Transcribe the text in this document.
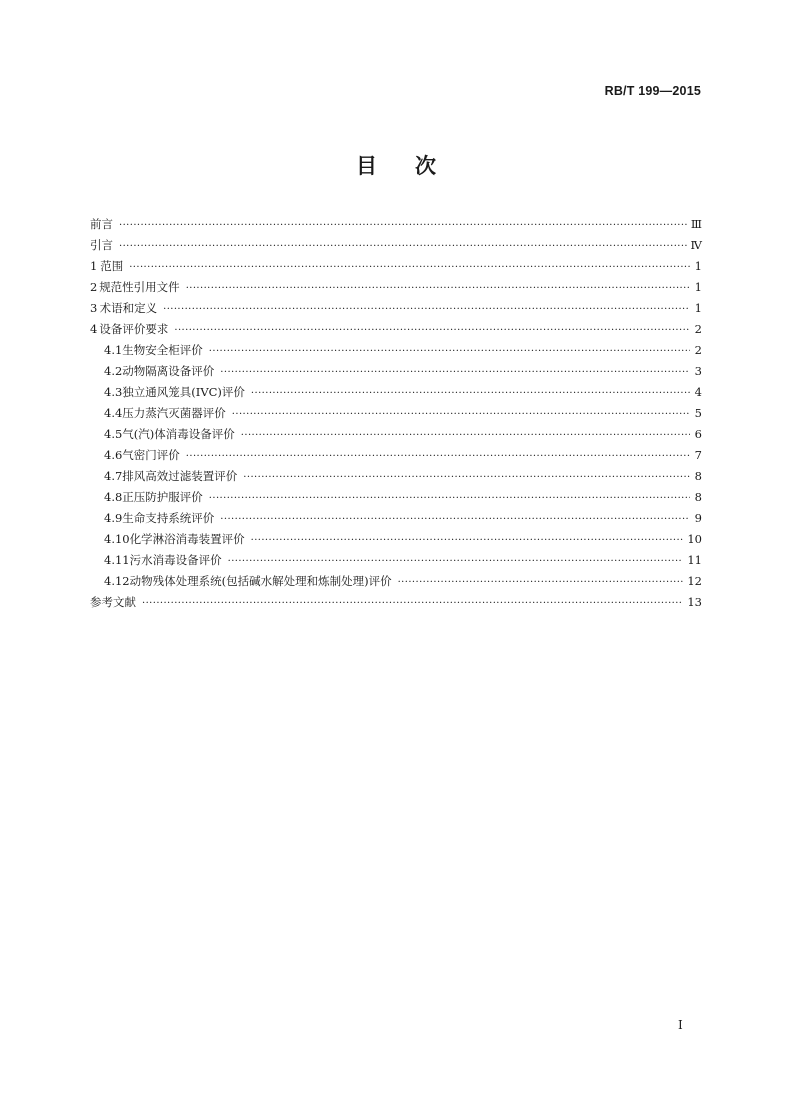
RB/T 199—2015
目 次
前言 ·····	Ⅲ
引言 ·····	Ⅳ
1 范围 ·····	1
2 规范性引用文件 ·····	1
3 术语和定义 ·····	1
4 设备评价要求 ·····	2
4.1 生物安全柜评价 ·····	2
4.2 动物隔离设备评价 ·····	3
4.3 独立通风笼具(IVC)评价 ·····	4
4.4 压力蒸汽灭菌器评价 ·····	5
4.5 气(汽)体消毒设备评价 ·····	6
4.6 气密门评价 ·····	7
4.7 排风高效过滤装置评价 ·····	8
4.8 正压防护服评价 ·····	8
4.9 生命支持系统评价 ·····	9
4.10 化学淋浴消毒装置评价 ·····	10
4.11 污水消毒设备评价 ·····	11
4.12 动物残体处理系统(包括碱水解处理和炼制处理)评价 ·····	12
参考文献 ·····	13
I
